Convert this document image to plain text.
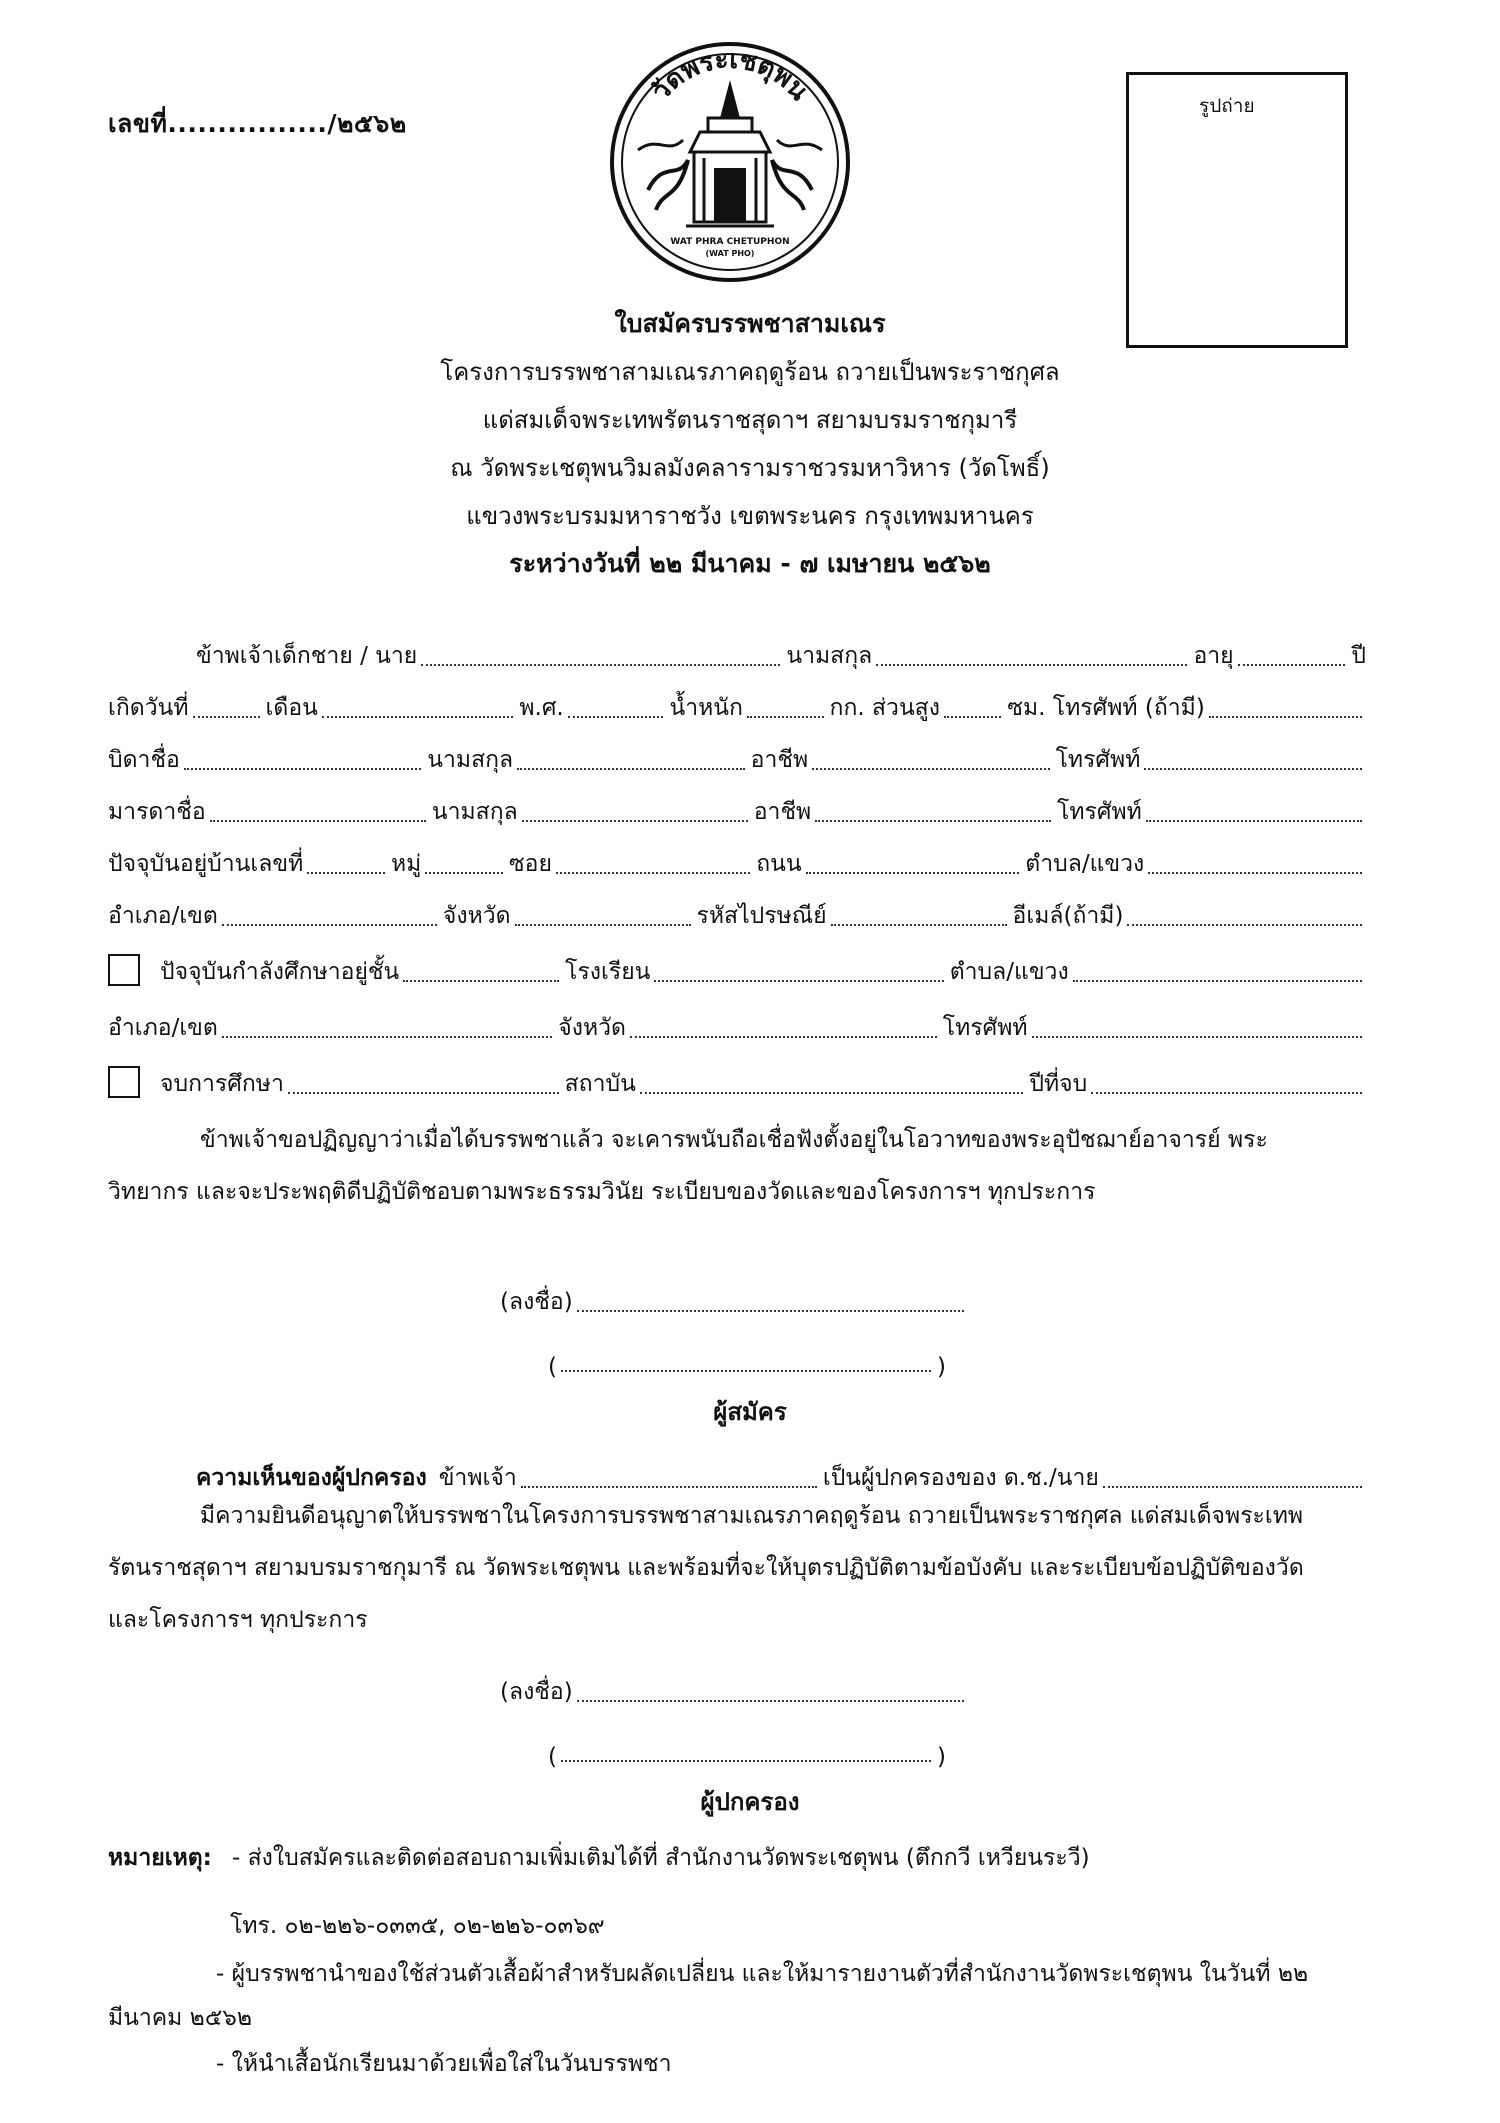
เลขที่................/๒๕๖๒
วัดพระเชตุพน
WAT PHRA CHETUPHON
(WAT PHO)
รูปถ่าย
ใบสมัครบรรพชาสามเณร
โครงการบรรพชาสามเณรภาคฤดูร้อน ถวายเป็นพระราชกุศล
แด่สมเด็จพระเทพรัตนราชสุดาฯ สยามบรมราชกุมารี
ณ วัดพระเชตุพนวิมลมังคลารามราชวรมหาวิหาร (วัดโพธิ์)
แขวงพระบรมมหาราชวัง เขตพระนคร กรุงเทพมหานคร
ระหว่างวันที่ ๒๒ มีนาคม - ๗ เมษายน ๒๕๖๒
ข้าพเจ้าเด็กชาย / นาย	นามสกุล	อายุ	ปี
เกิดวันที่	เดือน	พ.ศ.	น้ำหนัก	กก. ส่วนสูง	ซม. โทรศัพท์ (ถ้ามี)
บิดาชื่อ	นามสกุล	อาชีพ	โทรศัพท์
มารดาชื่อ	นามสกุล	อาชีพ	โทรศัพท์
ปัจจุบันอยู่บ้านเลขที่	หมู่	ซอย	ถนน	ตำบล/แขวง
อำเภอ/เขต	จังหวัด	รหัสไปรษณีย์	อีเมล์(ถ้ามี)
ปัจจุบันกำลังศึกษาอยู่ชั้น	โรงเรียน	ตำบล/แขวง
อำเภอ/เขต	จังหวัด	โทรศัพท์
จบการศึกษา	สถาบัน	ปีที่จบ
ข้าพเจ้าขอปฏิญญาว่าเมื่อได้บรรพชาแล้ว จะเคารพนับถือเชื่อฟังตั้งอยู่ในโอวาทของพระอุปัชฌาย์อาจารย์ พระ
วิทยากร และจะประพฤติดีปฏิบัติชอบตามพระธรรมวินัย ระเบียบของวัดและของโครงการฯ ทุกประการ
(ลงชื่อ)
(	)
ผู้สมัคร
ความเห็นของผู้ปกครอง ข้าพเจ้า	เป็นผู้ปกครองของ ด.ช./นาย
มีความยินดีอนุญาตให้บรรพชาในโครงการบรรพชาสามเณรภาคฤดูร้อน ถวายเป็นพระราชกุศล แด่สมเด็จพระเทพ
รัตนราชสุดาฯ สยามบรมราชกุมารี ณ วัดพระเชตุพน และพร้อมที่จะให้บุตรปฏิบัติตามข้อบังคับ และระเบียบข้อปฏิบัติของวัด
และโครงการฯ ทุกประการ
(ลงชื่อ)
(	)
ผู้ปกครอง
หมายเหตุ: - ส่งใบสมัครและติดต่อสอบถามเพิ่มเติมได้ที่ สำนักงานวัดพระเชตุพน (ตึกกวี เหวียนระวี)
โทร. ๐๒-๒๒๖-๐๓๓๕, ๐๒-๒๒๖-๐๓๖๙
- ผู้บรรพชานำของใช้ส่วนตัวเสื้อผ้าสำหรับผลัดเปลี่ยน และให้มารายงานตัวที่สำนักงานวัดพระเชตุพน ในวันที่ ๒๒
มีนาคม ๒๕๖๒
- ให้นำเสื้อนักเรียนมาด้วยเพื่อใส่ในวันบรรพชา
